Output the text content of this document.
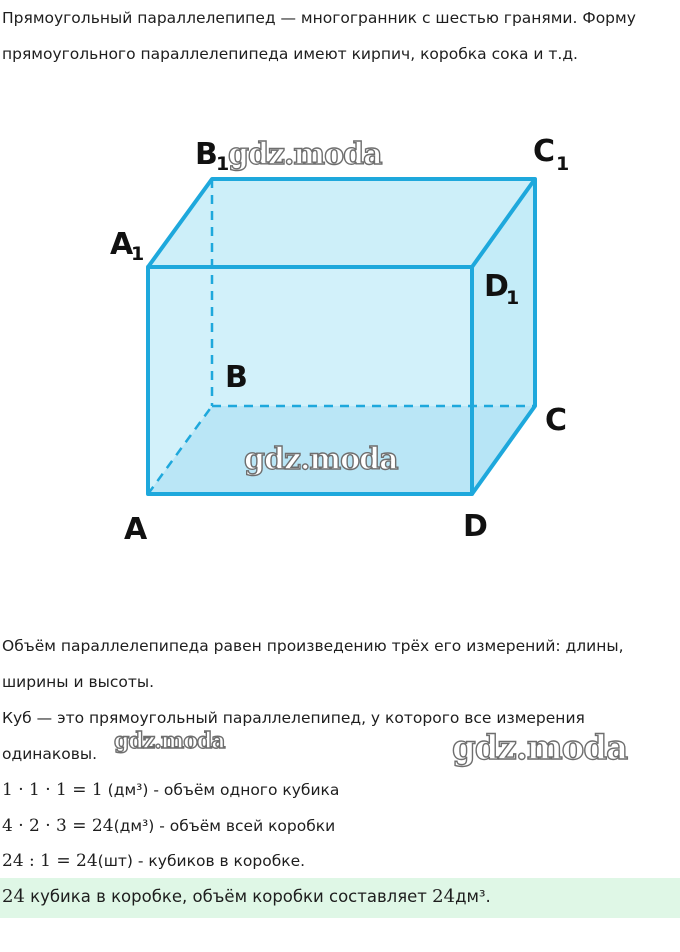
Прямоугольный параллелепипед — многогранник с шестью гранями. Форму
прямоугольного параллелепипеда имеют кирпич, коробка сока и т.д.
A
1
B
1	C 1
D
1
B
C
A	D
gdz.moda
gdz.moda
Объём параллелепипеда равен произведению трёх его измерений: длины,
ширины и высоты.
Куб — это прямоугольный параллелепипед, у которого все измерения
одинаковы. gdz.moda	gdz.moda
1 · 1 · 1 = 1 (дм³) - объём одного кубика
4 · 2 · 3 = 24(дм³) - объём всей коробки
24 : 1 = 24(шт) - кубиков в коробке.
24 кубика в коробке, объём коробки составляет 24дм³.
